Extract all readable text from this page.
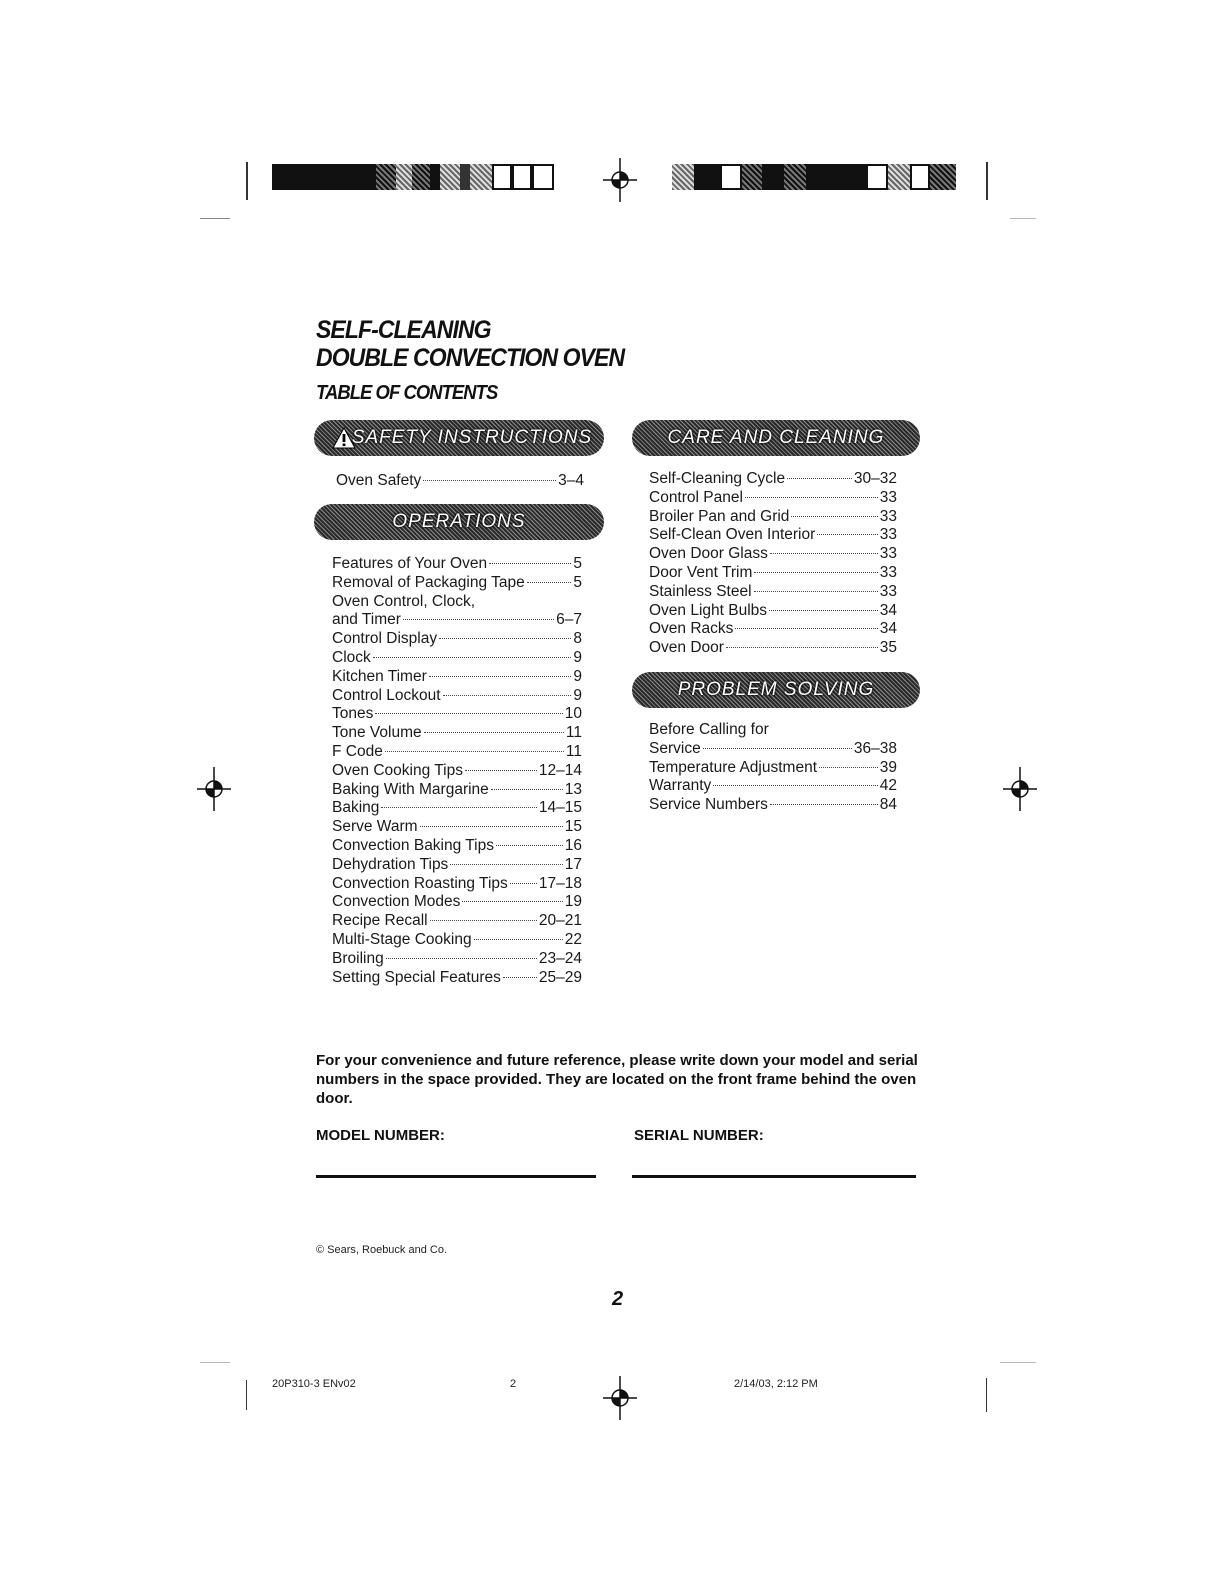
SELF-CLEANING
DOUBLE CONVECTION OVEN
TABLE OF CONTENTS
SAFETY INSTRUCTIONS
Oven Safety	3–4
OPERATIONS
Features of Your Oven	5
Removal of Packaging Tape	5
Oven Control, Clock,
and Timer	6–7
Control Display	8
Clock	9
Kitchen Timer	9
Control Lockout	9
Tones	10
Tone Volume	11
F Code	11
Oven Cooking Tips	12–14
Baking With Margarine	13
Baking	14–15
Serve Warm	15
Convection Baking Tips	16
Dehydration Tips	17
Convection Roasting Tips 17–18
Convection Modes	19
Recipe Recall	20–21
Multi-Stage Cooking	22
Broiling	23–24
Setting Special Features 25–29
CARE AND CLEANING
Self-Cleaning Cycle	30–32
Control Panel	33
Broiler Pan and Grid	33
Self-Clean Oven Interior	33
Oven Door Glass	33
Door Vent Trim	33
Stainless Steel	33
Oven Light Bulbs	34
Oven Racks	34
Oven Door	35
PROBLEM SOLVING
Before Calling for
Service	36–38
Temperature Adjustment	39
Warranty	42
Service Numbers	84

For your convenience and future reference, please write down your model and serial numbers in the space provided. They are located on the front frame behind the oven door.

MODEL NUMBER:	SERIAL NUMBER:
© Sears, Roebuck and Co.
2
20P310-3 ENv02	2	2/14/03, 2:12 PM
